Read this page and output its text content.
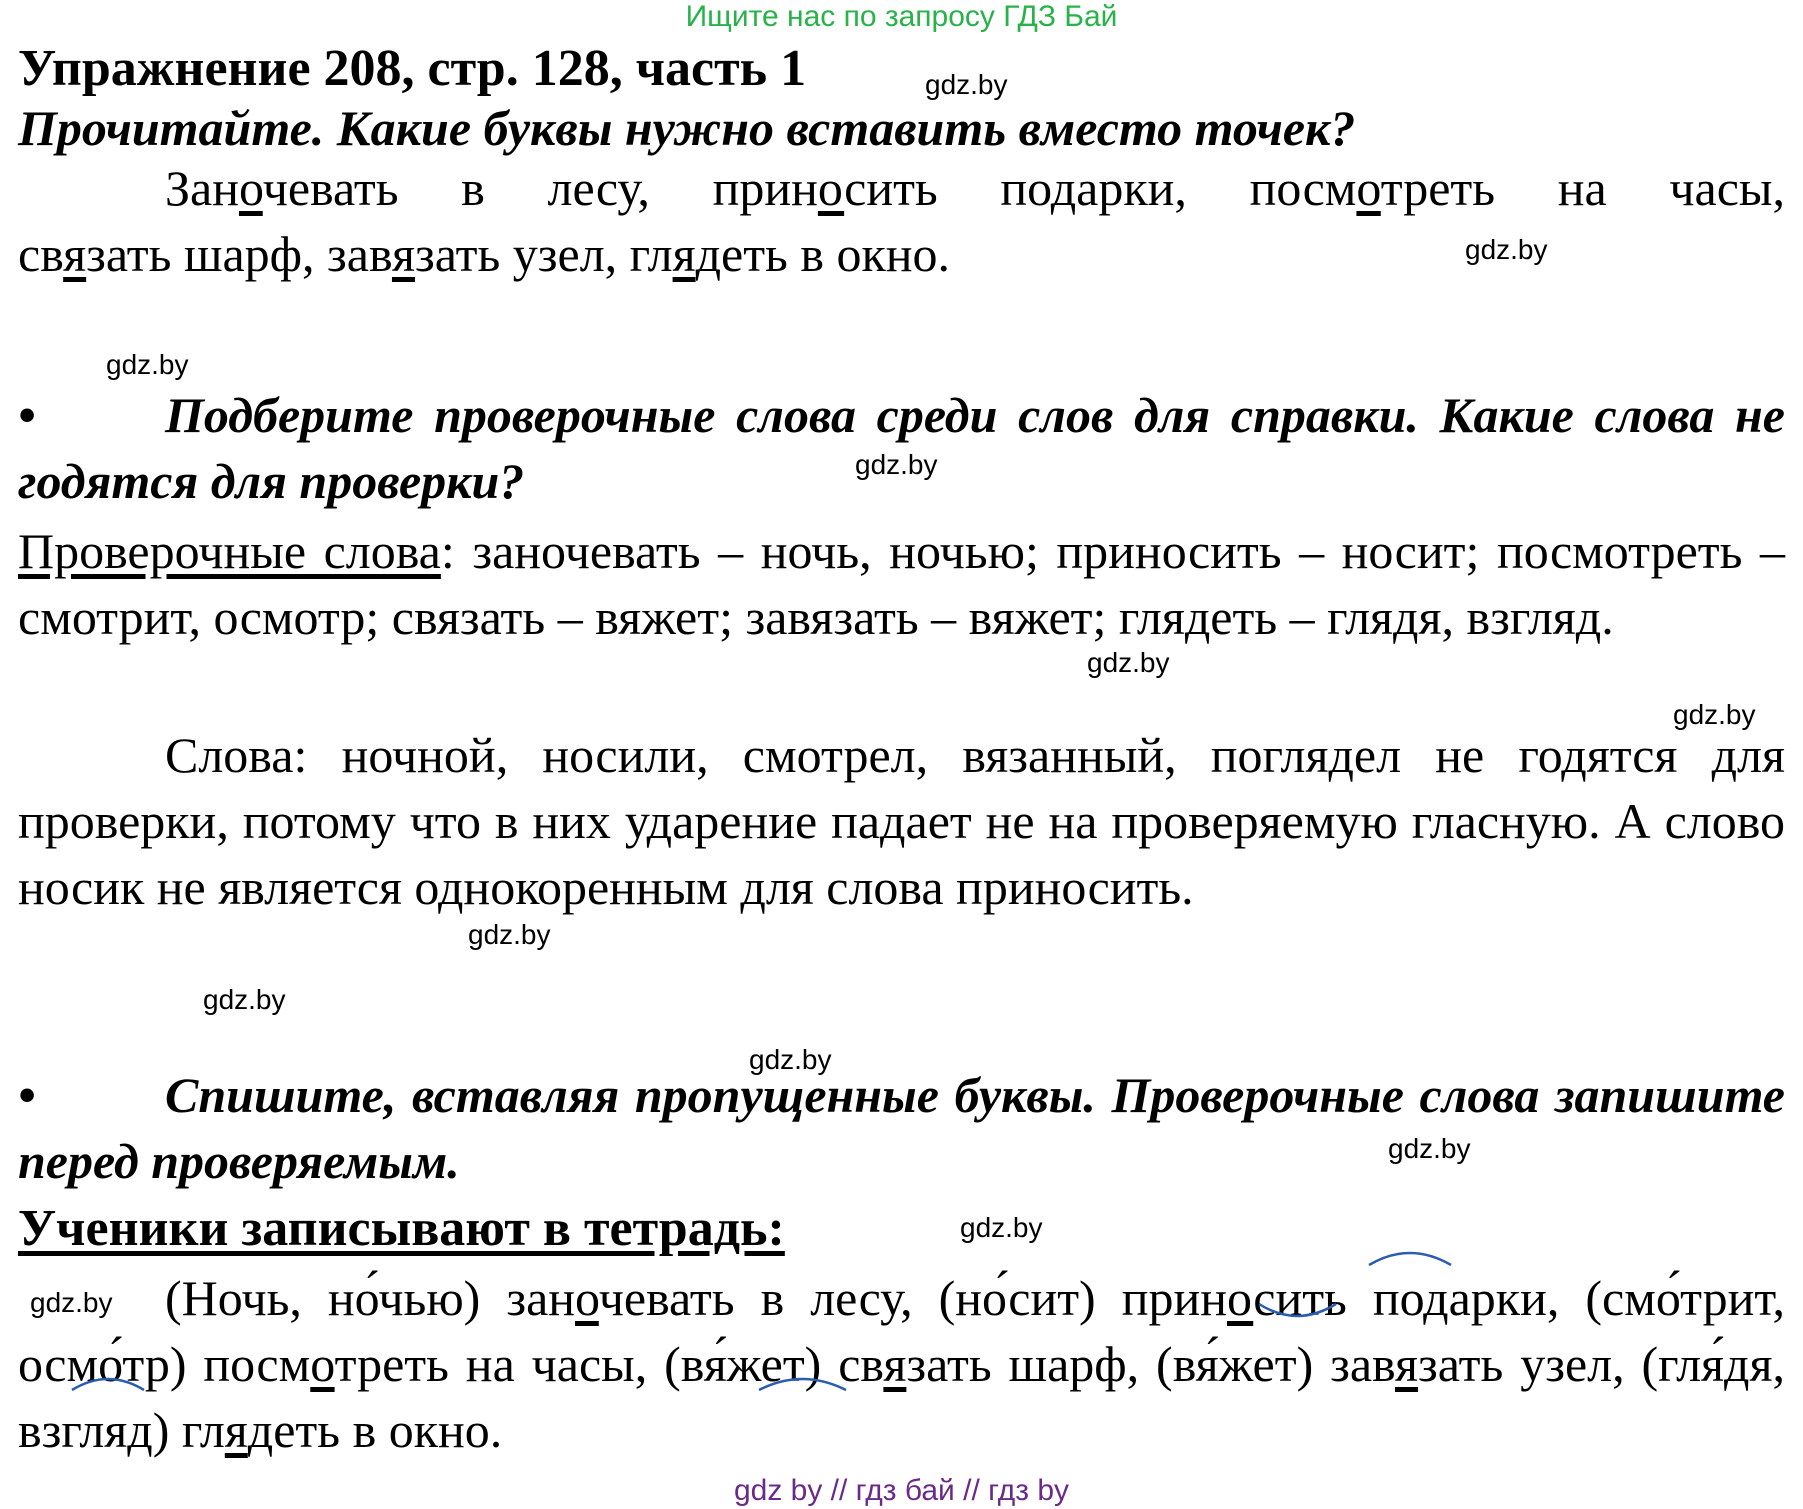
Ищите нас по запросу ГДЗ Бай
Упражнение 208, стр. 128, часть 1	gdz.by
Прочитайте. Какие буквы нужно вставить вместо точек?
Заночевать в лесу, приносить подарки, посмотреть на часы,
связать шарф, завязать узел, глядеть в окно.	gdz.by
gdz.by
•
	Подберите проверочные слова среди слов для справки. Какие слова не годятся для проверки?	gdz.by
Проверочные слова: заночевать – ночь, ночью; приносить – носит; посмотреть – смотрит, осмотр; связать – вяжет; завязать – вяжет; глядеть – глядя, взгляд.
gdz.by
gdz.by
Слова: ночной, носили, смотрел, вязанный, поглядел не годятся для проверки, потому что в них ударение падает не на проверяемую гласную. А слово носик не является однокоренным для слова приносить.
gdz.by
gdz.by
gdz.by
•	Спишите, вставляя пропущенные буквы. Проверочные слова запишите перед проверяемым.	gdz.by
Ученики записывают в тетрадь:	gdz.by
gdz.by	(Ночь, но́чью) заночевать в лесу, (но́сит) приносить подарки, (смо́трит, осмо́тр) посмотреть на часы, (вя́жет) связать шарф, (вя́жет) завязать узел, (гля́дя, взгляд) глядеть в окно.
gdz by // гдз бай // гдз by
